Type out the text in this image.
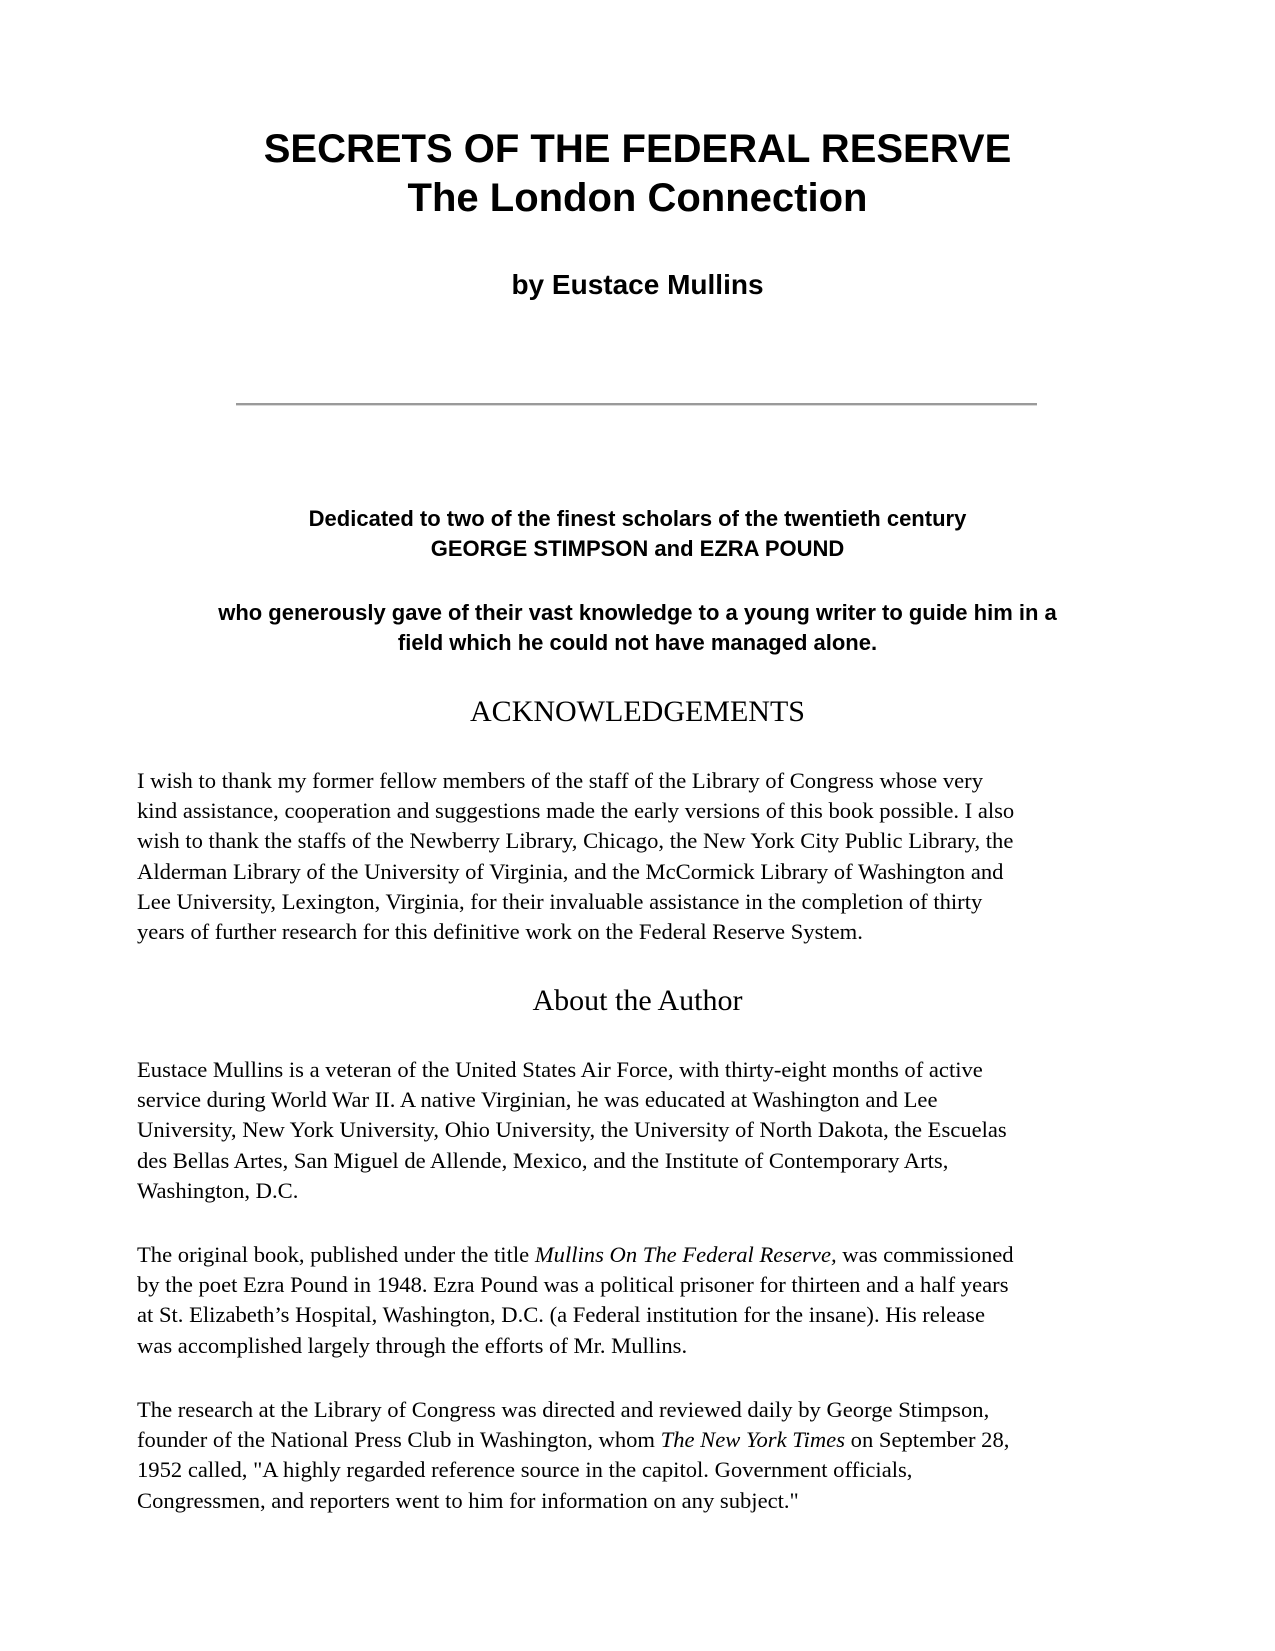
SECRETS OF THE FEDERAL RESERVE
The London Connection
by Eustace Mullins
Dedicated to two of the finest scholars of the twentieth century
GEORGE STIMPSON and EZRA POUND
who generously gave of their vast knowledge to a young writer to guide him in a
field which he could not have managed alone.
ACKNOWLEDGEMENTS
I wish to thank my former fellow members of the staff of the Library of Congress whose very
kind assistance, cooperation and suggestions made the early versions of this book possible. I also
wish to thank the staffs of the Newberry Library, Chicago, the New York City Public Library, the
Alderman Library of the University of Virginia, and the McCormick Library of Washington and
Lee University, Lexington, Virginia, for their invaluable assistance in the completion of thirty
years of further research for this definitive work on the Federal Reserve System.
About the Author
Eustace Mullins is a veteran of the United States Air Force, with thirty-eight months of active
service during World War II. A native Virginian, he was educated at Washington and Lee
University, New York University, Ohio University, the University of North Dakota, the Escuelas
des Bellas Artes, San Miguel de Allende, Mexico, and the Institute of Contemporary Arts,
Washington, D.C.
The original book, published under the title Mullins On The Federal Reserve, was commissioned
by the poet Ezra Pound in 1948. Ezra Pound was a political prisoner for thirteen and a half years
at St. Elizabeth’s Hospital, Washington, D.C. (a Federal institution for the insane). His release
was accomplished largely through the efforts of Mr. Mullins.
The research at the Library of Congress was directed and reviewed daily by George Stimpson,
founder of the National Press Club in Washington, whom The New York Times on September 28,
1952 called, "A highly regarded reference source in the capitol. Government officials,
Congressmen, and reporters went to him for information on any subject."
